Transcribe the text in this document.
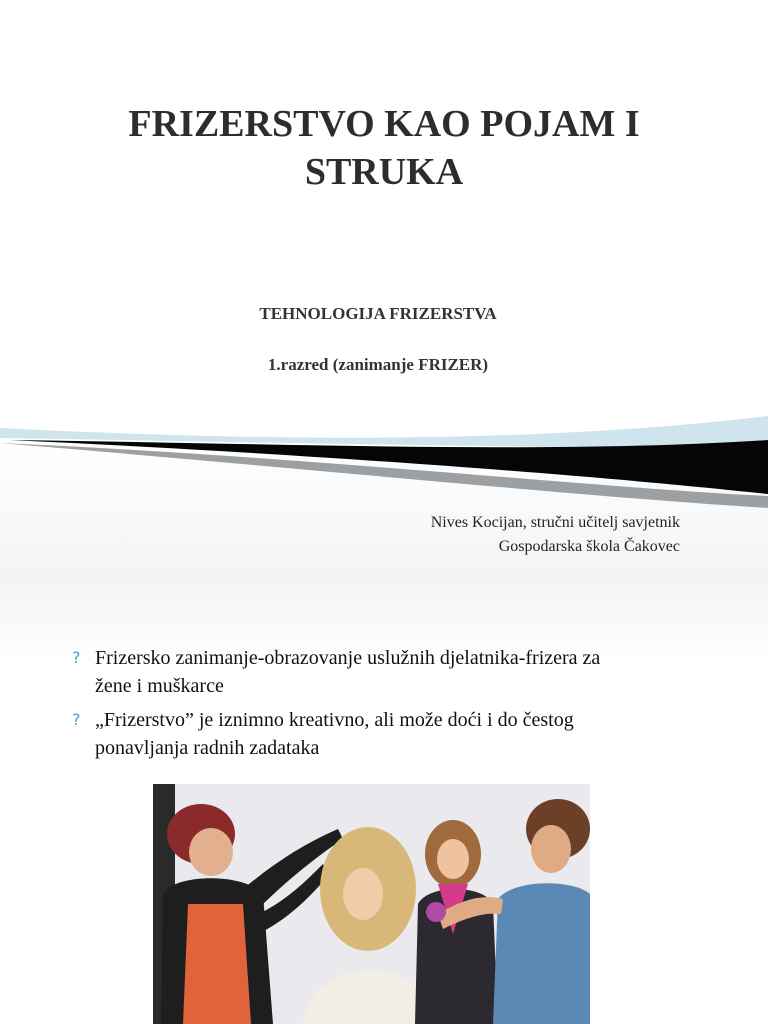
FRIZERSTVO KAO POJAM I
STRUKA
TEHNOLOGIJA FRIZERSTVA
1.razred (zanimanje FRIZER)
Nives Kocijan, stručni učitelj savjetnik
Gospodarska škola Čakovec
? Frizersko zanimanje-obrazovanje uslužnih djelatnika-frizera za
žene i muškarce
? „Frizerstvo” je iznimno kreativno, ali može doći i do čestog
ponavljanja radnih zadataka
